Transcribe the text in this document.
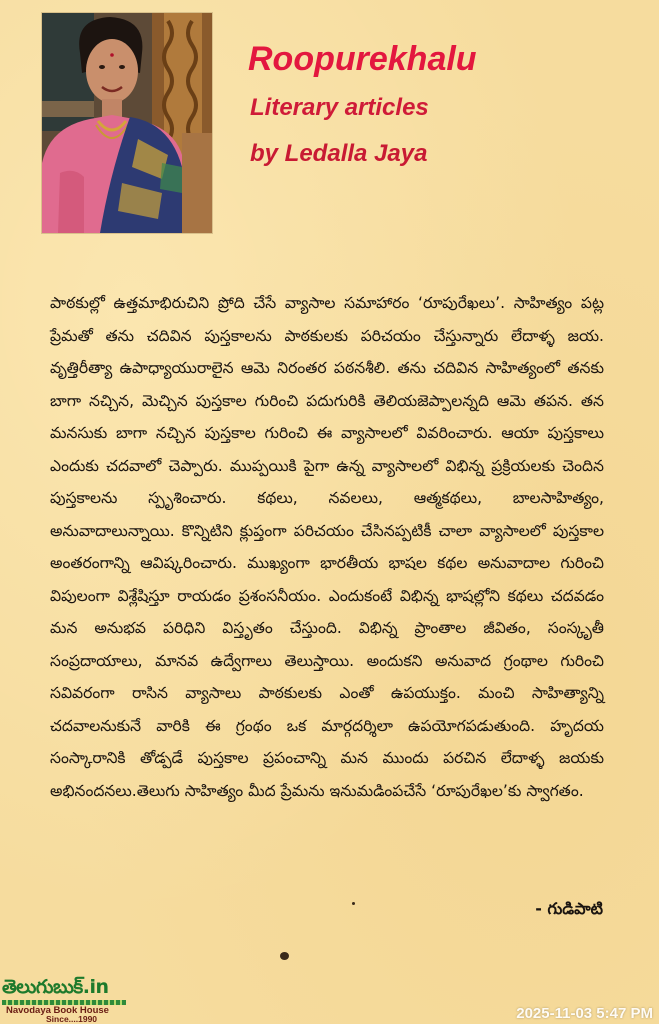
Roopurekhalu
Literary articles
by Ledalla Jaya

పాఠకుల్లో ఉత్తమాభిరుచిని ప్రోది చేసే వ్యాసాల సమాహారం ‘రూపురేఖలు’. సాహిత్యం పట్ల ప్రేమతో తను చదివిన పుస్తకాలను పాఠకులకు పరిచయం చేస్తున్నారు లేదాళ్ళ జయ. వృత్తిరీత్యా ఉపాధ్యాయురాలైన ఆమె నిరంతర పఠనశీలి. తను చదివిన సాహిత్యంలో తనకు బాగా నచ్చిన, మెచ్చిన పుస్తకాల గురించి పదుగురికి తెలియజెప్పాలన్నది ఆమె తపన. తన మనసుకు బాగా నచ్చిన పుస్తకాల గురించి ఈ వ్యాసాలలో వివరించారు. ఆయా పుస్తకాలు ఎందుకు చదవాలో చెప్పారు. ముప్పయికి పైగా ఉన్న వ్యాసాలలో విభిన్న ప్రక్రియలకు చెందిన పుస్తకాలను స్పృశించారు. కథలు, నవలలు, ఆత్మకథలు, బాలసాహిత్యం, అనువాదాలున్నాయి. కొన్నిటిని క్లుప్తంగా పరిచయం చేసినప్పటికీ చాలా వ్యాసాలలో పుస్తకాల అంతరంగాన్ని ఆవిష్కరించారు. ముఖ్యంగా భారతీయ భాషల కథల అనువాదాల గురించి విపులంగా విశ్లేషిస్తూ రాయడం ప్రశంసనీయం. ఎందుకంటే విభిన్న భాషల్లోని కథలు చదవడం మన అనుభవ పరిధిని విస్తృతం చేస్తుంది. విభిన్న ప్రాంతాల జీవితం, సంస్కృతీ సంప్రదాయాలు, మానవ ఉద్వేగాలు తెలుస్తాయి. అందుకని అనువాద గ్రంథాల గురించి సవివరంగా రాసిన వ్యాసాలు పాఠకులకు ఎంతో ఉపయుక్తం. మంచి సాహిత్యాన్ని చదవాలనుకునే వారికి ఈ గ్రంథం ఒక మార్గదర్శిలా ఉపయోగపడుతుంది. హృదయ సంస్కారానికి తోడ్పడే పుస్తకాల ప్రపంచాన్ని మన ముందు పరచిన లేదాళ్ళ జయకు అభినందనలు.తెలుగు సాహిత్యం మీద ప్రేమను ఇనుమడింపచేసే ‘రూపురేఖల’కు స్వాగతం.

- గుడిపాటి
తెలుగుబుక్.in
Navodaya Book House
Since....1990	2025-11-03 5:47 PM
